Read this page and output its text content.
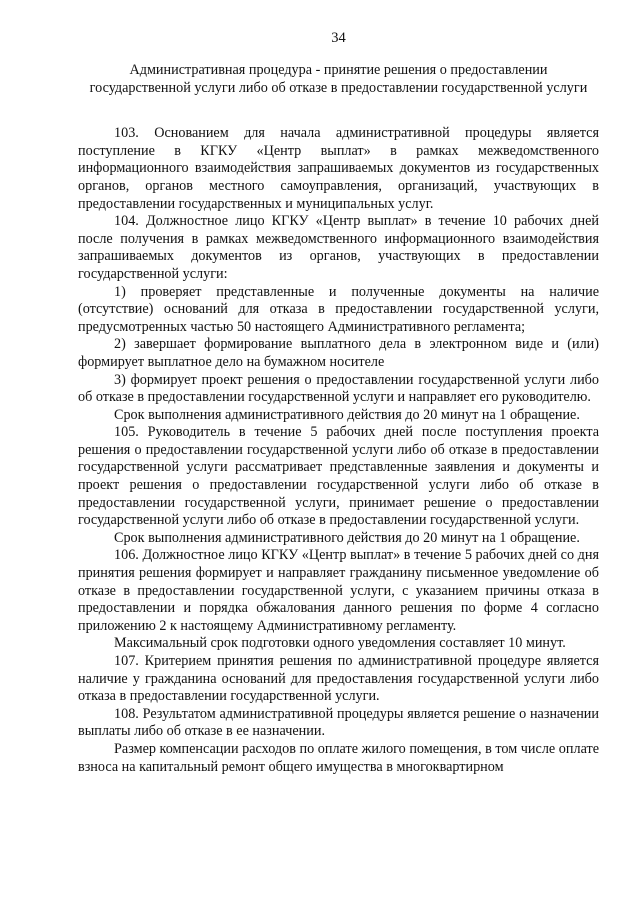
34
Административная процедура - принятие решения о предоставлении государственной услуги либо об отказе в предоставлении государственной услуги

103. Основанием для начала административной процедуры является поступление в КГКУ «Центр выплат» в рамках межведомственного информационного взаимодействия запрашиваемых документов из государственных органов, органов местного самоуправления, организаций, участвующих в предоставлении государственных и муниципальных услуг.

104. Должностное лицо КГКУ «Центр выплат» в течение 10 рабочих дней после получения в рамках межведомственного информационного взаимодействия запрашиваемых документов из органов, участвующих в предоставлении государственной услуги:

1) проверяет представленные и полученные документы на наличие (отсутствие) оснований для отказа в предоставлении государственной услуги, предусмотренных частью 50 настоящего Административного регламента;

2) завершает формирование выплатного дела в электронном виде и (или) формирует выплатное дело на бумажном носителе

3) формирует проект решения о предоставлении государственной услуги либо об отказе в предоставлении государственной услуги и направляет его руководителю.

Срок выполнения административного действия до 20 минут на 1 обращение.

105. Руководитель в течение 5 рабочих дней после поступления проекта решения о предоставлении государственной услуги либо об отказе в предоставлении государственной услуги рассматривает представленные заявления и документы и проект решения о предоставлении государственной услуги либо об отказе в предоставлении государственной услуги, принимает решение о предоставлении государственной услуги либо об отказе в предоставлении государственной услуги.

Срок выполнения административного действия до 20 минут на 1 обращение.

106. Должностное лицо КГКУ «Центр выплат» в течение 5 рабочих дней со дня принятия решения формирует и направляет гражданину письменное уведомление об отказе в предоставлении государственной услуги, с указанием причины отказа в предоставлении и порядка обжалования данного решения по форме 4 согласно приложению 2 к настоящему Административному регламенту.

Максимальный срок подготовки одного уведомления составляет 10 минут.

107. Критерием принятия решения по административной процедуре является наличие у гражданина оснований для предоставления государственной услуги либо отказа в предоставлении государственной услуги.

108. Результатом административной процедуры является решение о назначении выплаты либо об отказе в ее назначении.

Размер компенсации расходов по оплате жилого помещения, в том числе оплате взноса на капитальный ремонт общего имущества в многоквартирном
